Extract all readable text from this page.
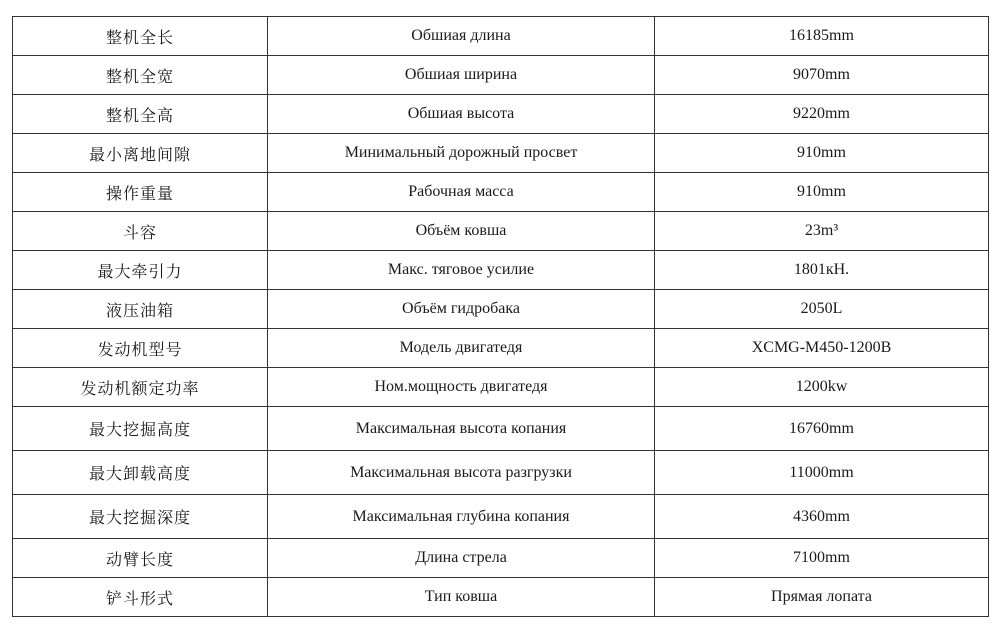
整机全长	Обшиая длина	16185mm
整机全宽	Обшиая ширина	9070mm
整机全高	Обшиая высота	9220mm
最小离地间隙	Минимальный дорожный просвет	910mm
操作重量	Рабочная масса	910mm
斗容	Объём ковша	23m³
最大牵引力	Макс. тяговое усилие	1801кН.
液压油箱	Объём гидробака	2050L
发动机型号	Модель двигатедя	XCMG-M450-1200B
发动机额定功率	Ном.мощность двигатедя	1200kw
最大挖掘高度	Максимальная высота копания	16760mm
最大卸载高度	Максимальная высота разгрузки	11000mm
最大挖掘深度	Максимальная глубина копания	4360mm
动臂长度	Длина стрела	7100mm
铲斗形式	Тип ковша	Прямая лопата
